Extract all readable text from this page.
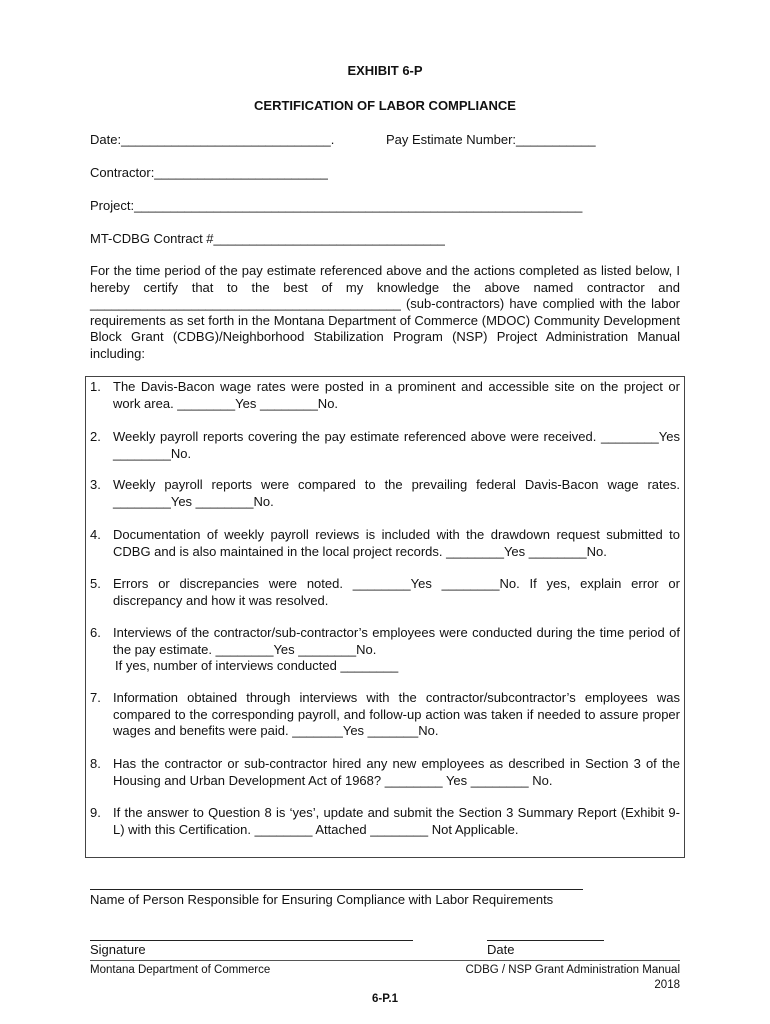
EXHIBIT 6-P
CERTIFICATION OF LABOR COMPLIANCE
Date:_____________________________.	Pay Estimate Number:___________
Contractor:________________________
Project:______________________________________________________________
MT-CDBG Contract #________________________________
For the time period of the pay estimate referenced above and the actions completed as listed below, I hereby certify that to the best of my knowledge the above named contractor and ___________________________________________ (sub-contractors) have complied with the labor requirements as set forth in the Montana Department of Commerce (MDOC) Community Development Block Grant (CDBG)/Neighborhood Stabilization Program (NSP) Project Administration Manual including:
1. The Davis-Bacon wage rates were posted in a prominent and accessible site on the project or work area. ________Yes ________No.
2. Weekly payroll reports covering the pay estimate referenced above were received. ________Yes ________No.
3. Weekly payroll reports were compared to the prevailing federal Davis-Bacon wage rates. ________Yes ________No.
4. Documentation of weekly payroll reviews is included with the drawdown request submitted to CDBG and is also maintained in the local project records. ________Yes ________No.
5. Errors or discrepancies were noted. ________Yes ________No. If yes, explain error or discrepancy and how it was resolved.
6. Interviews of the contractor/sub-contractor’s employees were conducted during the time period of the pay estimate. ________Yes ________No.
If yes, number of interviews conducted ________
7. Information obtained through interviews with the contractor/subcontractor’s employees was compared to the corresponding payroll, and follow-up action was taken if needed to assure proper wages and benefits were paid. _______Yes _______No.
8. Has the contractor or sub-contractor hired any new employees as described in Section 3 of the Housing and Urban Development Act of 1968? ________ Yes ________ No.
9. If the answer to Question 8 is ‘yes’, update and submit the Section 3 Summary Report (Exhibit 9-L) with this Certification. ________ Attached ________ Not Applicable.
Name of Person Responsible for Ensuring Compliance with Labor Requirements
Signature	Date
Montana Department of Commerce	CDBG / NSP Grant Administration Manual
2018
6-P.1
